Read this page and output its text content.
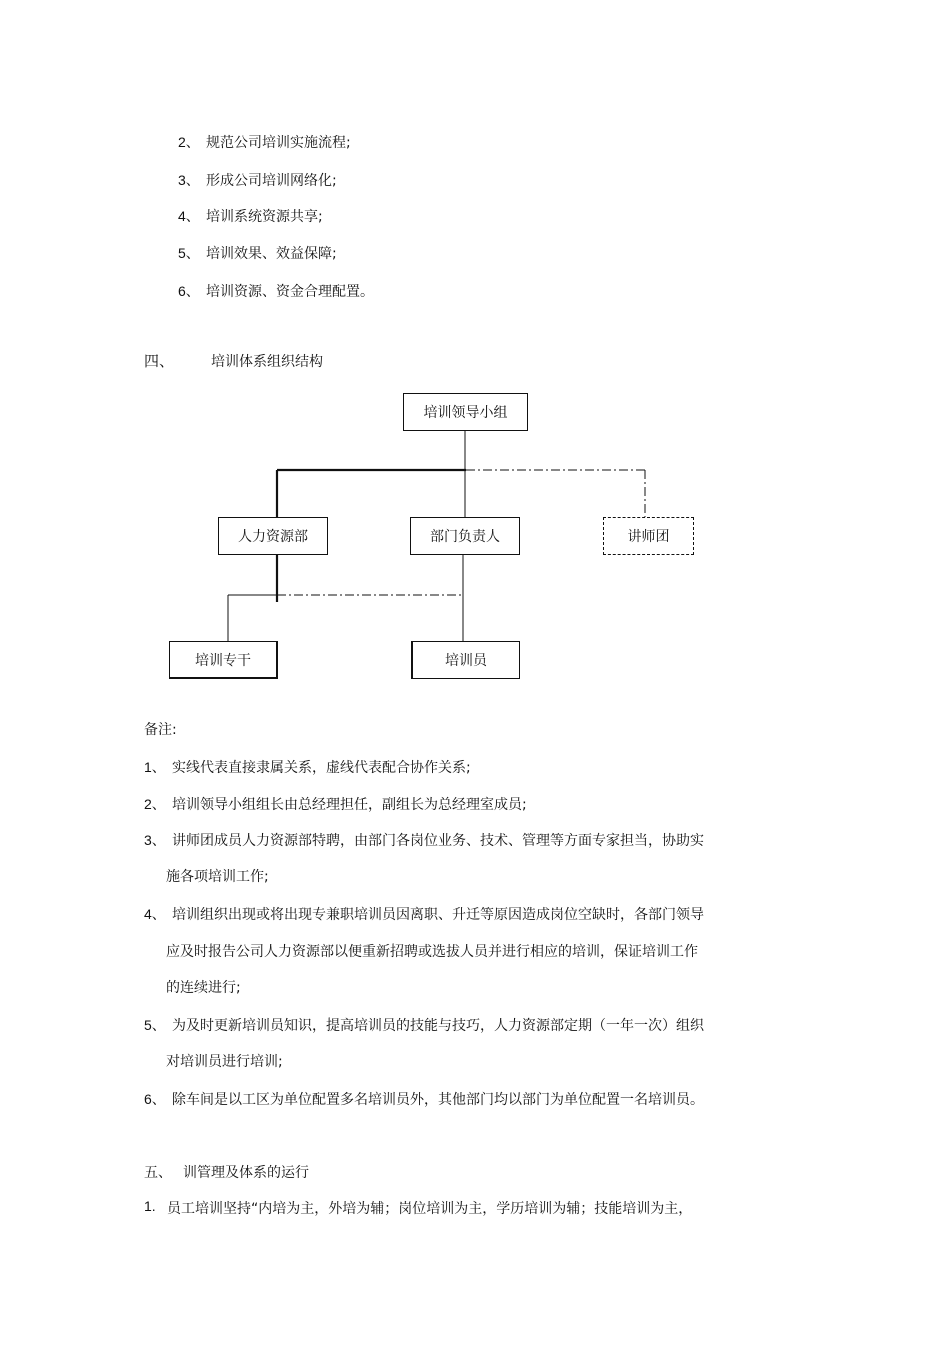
2、 规范公司培训实施流程;
3、 形成公司培训网络化;
4、 培训系统资源共享;
5、 培训效果、效益保障;
6、 培训资源、资金合理配置。
四、	培训体系组织结构
培训领导小组
人力资源部	部门负责人	讲师团
培训专干	培训员
备注:
1、 实线代表直接隶属关系，虚线代表配合协作关系;
2、 培训领导小组组长由总经理担任，副组长为总经理室成员;
3、 讲师团成员人力资源部特聘，由部门各岗位业务、技术、管理等方面专家担当，协助实
施各项培训工作;
4、 培训组织出现或将出现专兼职培训员因离职、升迁等原因造成岗位空缺时，各部门领导
应及时报告公司人力资源部以便重新招聘或选拔人员并进行相应的培训，保证培训工作
的连续进行;
5、 为及时更新培训员知识，提高培训员的技能与技巧，人力资源部定期（一年一次）组织
对培训员进行培训;
6、 除车间是以工区为单位配置多名培训员外，其他部门均以部门为单位配置一名培训员。
五、 训管理及体系的运行
1. 员工培训坚持“内培为主，外培为辅；岗位培训为主，学历培训为辅；技能培训为主，
